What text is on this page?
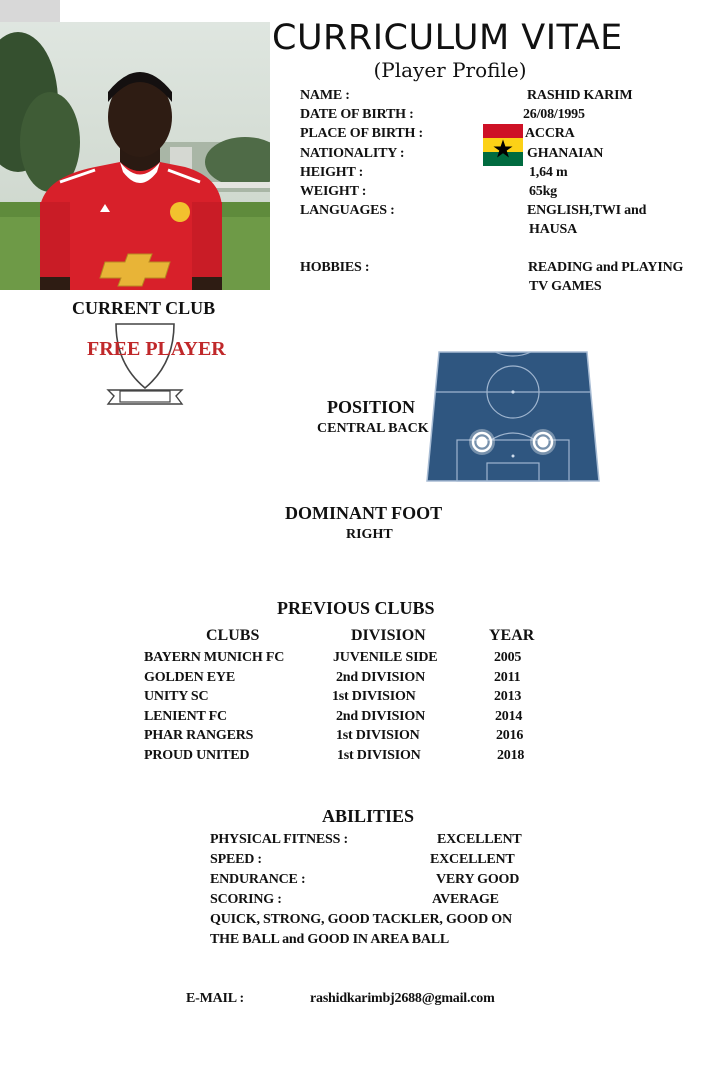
CURRICULUM VITAE
(Player Profile)
NAME :	RASHID KARIM
DATE OF BIRTH :	26/08/1995
PLACE OF BIRTH :	ACCRA
NATIONALITY :	GHANAIAN
HEIGHT :	1,64 m
WEIGHT :	65kg
LANGUAGES :	ENGLISH,TWI and
HAUSA
HOBBIES :	READING and PLAYING
TV GAMES
CURRENT CLUB
FREE PLAYER
POSITION
CENTRAL BACK
DOMINANT FOOT
RIGHT
PREVIOUS CLUBS
CLUBS	DIVISION	YEAR
BAYERN MUNICH FC	JUVENILE SIDE	2005
GOLDEN EYE	2nd DIVISION	2011
UNITY SC	1st DIVISION	2013
LENIENT FC	2nd DIVISION	2014
PHAR RANGERS	1st DIVISION	2016
PROUD UNITED	1st DIVISION	2018
ABILITIES
PHYSICAL FITNESS :	EXCELLENT
SPEED :	EXCELLENT
ENDURANCE :	VERY GOOD
SCORING :	AVERAGE
QUICK, STRONG, GOOD TACKLER, GOOD ON
THE BALL and GOOD IN AREA BALL
E-MAIL :	rashidkarimbj2688@gmail.com
